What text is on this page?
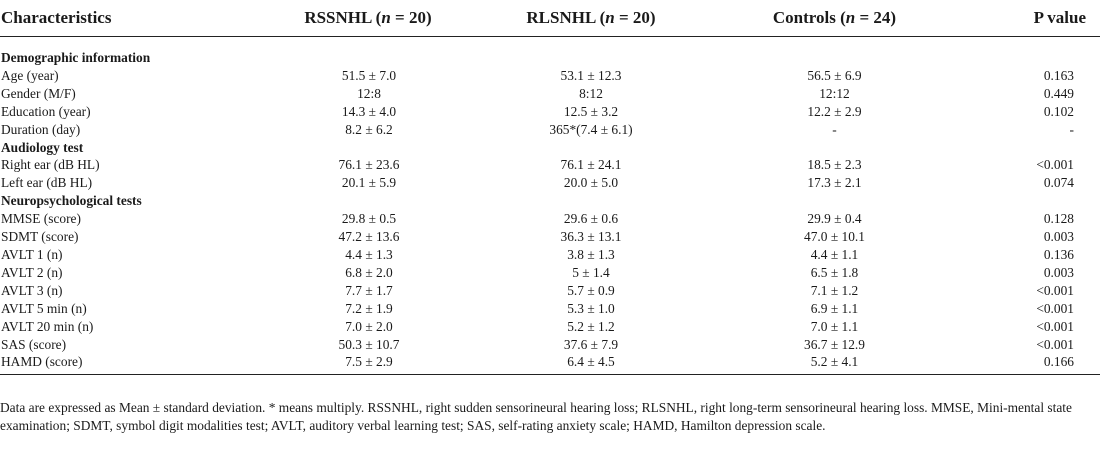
Characteristics	RSSNHL (n = 20)	RLSNHL (n = 20)	Controls (n = 24)	P value

Demographic information				
Age (year)	51.5 ± 7.0	53.1 ± 12.3	56.5 ± 6.9	0.163
Gender (M/F)	12:8	8:12	12:12	0.449
Education (year)	14.3 ± 4.0	12.5 ± 3.2	12.2 ± 2.9	0.102
Duration (day)	8.2 ± 6.2	365*(7.4 ± 6.1)	-	-
Audiology test				
Right ear (dB HL)	76.1 ± 23.6	76.1 ± 24.1	18.5 ± 2.3	<0.001
Left ear (dB HL)	20.1 ± 5.9	20.0 ± 5.0	17.3 ± 2.1	0.074
Neuropsychological tests				
MMSE (score)	29.8 ± 0.5	29.6 ± 0.6	29.9 ± 0.4	0.128
SDMT (score)	47.2 ± 13.6	36.3 ± 13.1	47.0 ± 10.1	0.003
AVLT 1 (n)	4.4 ± 1.3	3.8 ± 1.3	4.4 ± 1.1	0.136
AVLT 2 (n)	6.8 ± 2.0	5 ± 1.4	6.5 ± 1.8	0.003
AVLT 3 (n)	7.7 ± 1.7	5.7 ± 0.9	7.1 ± 1.2	<0.001
AVLT 5 min (n)	7.2 ± 1.9	5.3 ± 1.0	6.9 ± 1.1	<0.001
AVLT 20 min (n)	7.0 ± 2.0	5.2 ± 1.2	7.0 ± 1.1	<0.001
SAS (score)	50.3 ± 10.7	37.6 ± 7.9	36.7 ± 12.9	<0.001
HAMD (score)	7.5 ± 2.9	6.4 ± 4.5	5.2 ± 4.1	0.166
Data are expressed as Mean ± standard deviation. * means multiply. RSSNHL, right sudden sensorineural hearing loss; RLSNHL, right long-term sensorineural hearing loss. MMSE, Mini-mental state examination; SDMT, symbol digit modalities test; AVLT, auditory verbal learning test; SAS, self-rating anxiety scale; HAMD, Hamilton depression scale.
